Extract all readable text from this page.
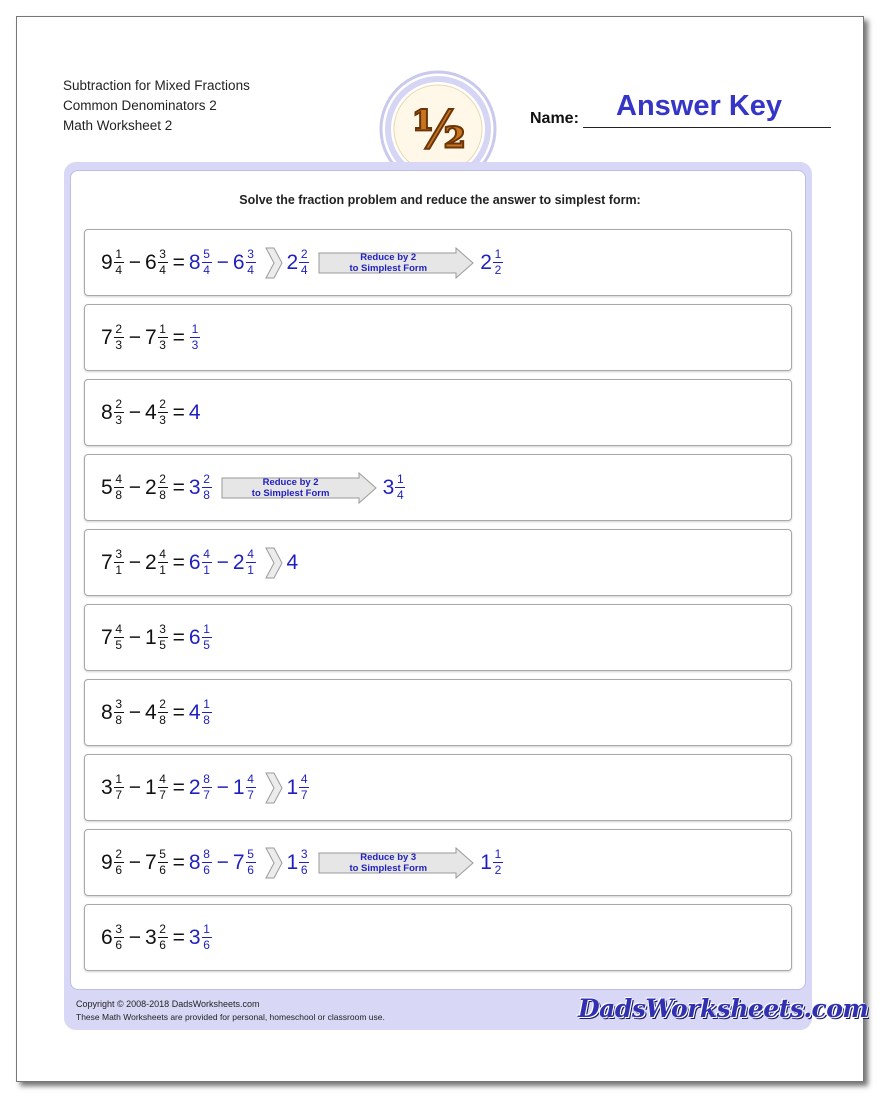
Subtraction for Mixed Fractions
Common Denominators 2
Math Worksheet 2	½	Name: Answer Key
Solve the fraction problem and reduce the answer to simplest form:
$9 \frac{1}{4} - 6 \frac{3}{4} = 8 \frac{5}{4} - 6 \frac{3}{4} 2 \frac{2}{4}$	Reduce by 2
to Simplest Form	$2 \frac{1}{2}$
$7 \frac{2}{3} - 7 \frac{1}{3} = \frac{1}{3}$
$8 \frac{2}{3} - 4 \frac{2}{3} = 4$
$5 \frac{4}{8} - 2 \frac{2}{8} = 3 \frac{2}{8}$	Reduce by 2
to Simplest Form	$3 \frac{1}{4}$
$7 \frac{3}{1} - 2 \frac{4}{1} = 6 \frac{4}{1} - 2 \frac{4}{1} 4$
$7 \frac{4}{5} - 1 \frac{3}{5} = 6 \frac{1}{5}$
$8 \frac{3}{8} - 4 \frac{2}{8} = 4 \frac{1}{8}$
$3 \frac{1}{7} - 1 \frac{4}{7} = 2 \frac{8}{7} - 1 \frac{4}{7} 1 \frac{4}{7}$
$9 \frac{2}{6} - 7 \frac{5}{6} = 8 \frac{8}{6} - 7 \frac{5}{6} 1 \frac{3}{6}$	Reduce by 3
to Simplest Form	$1 \frac{1}{2}$
$6 \frac{3}{6} - 3 \frac{2}{6} = 3 \frac{1}{6}$
Copyright © 2008-2018 DadsWorksheets.com
These Math Worksheets are provided for personal, homeschool or classroom use.	DadsWorksheets.com
